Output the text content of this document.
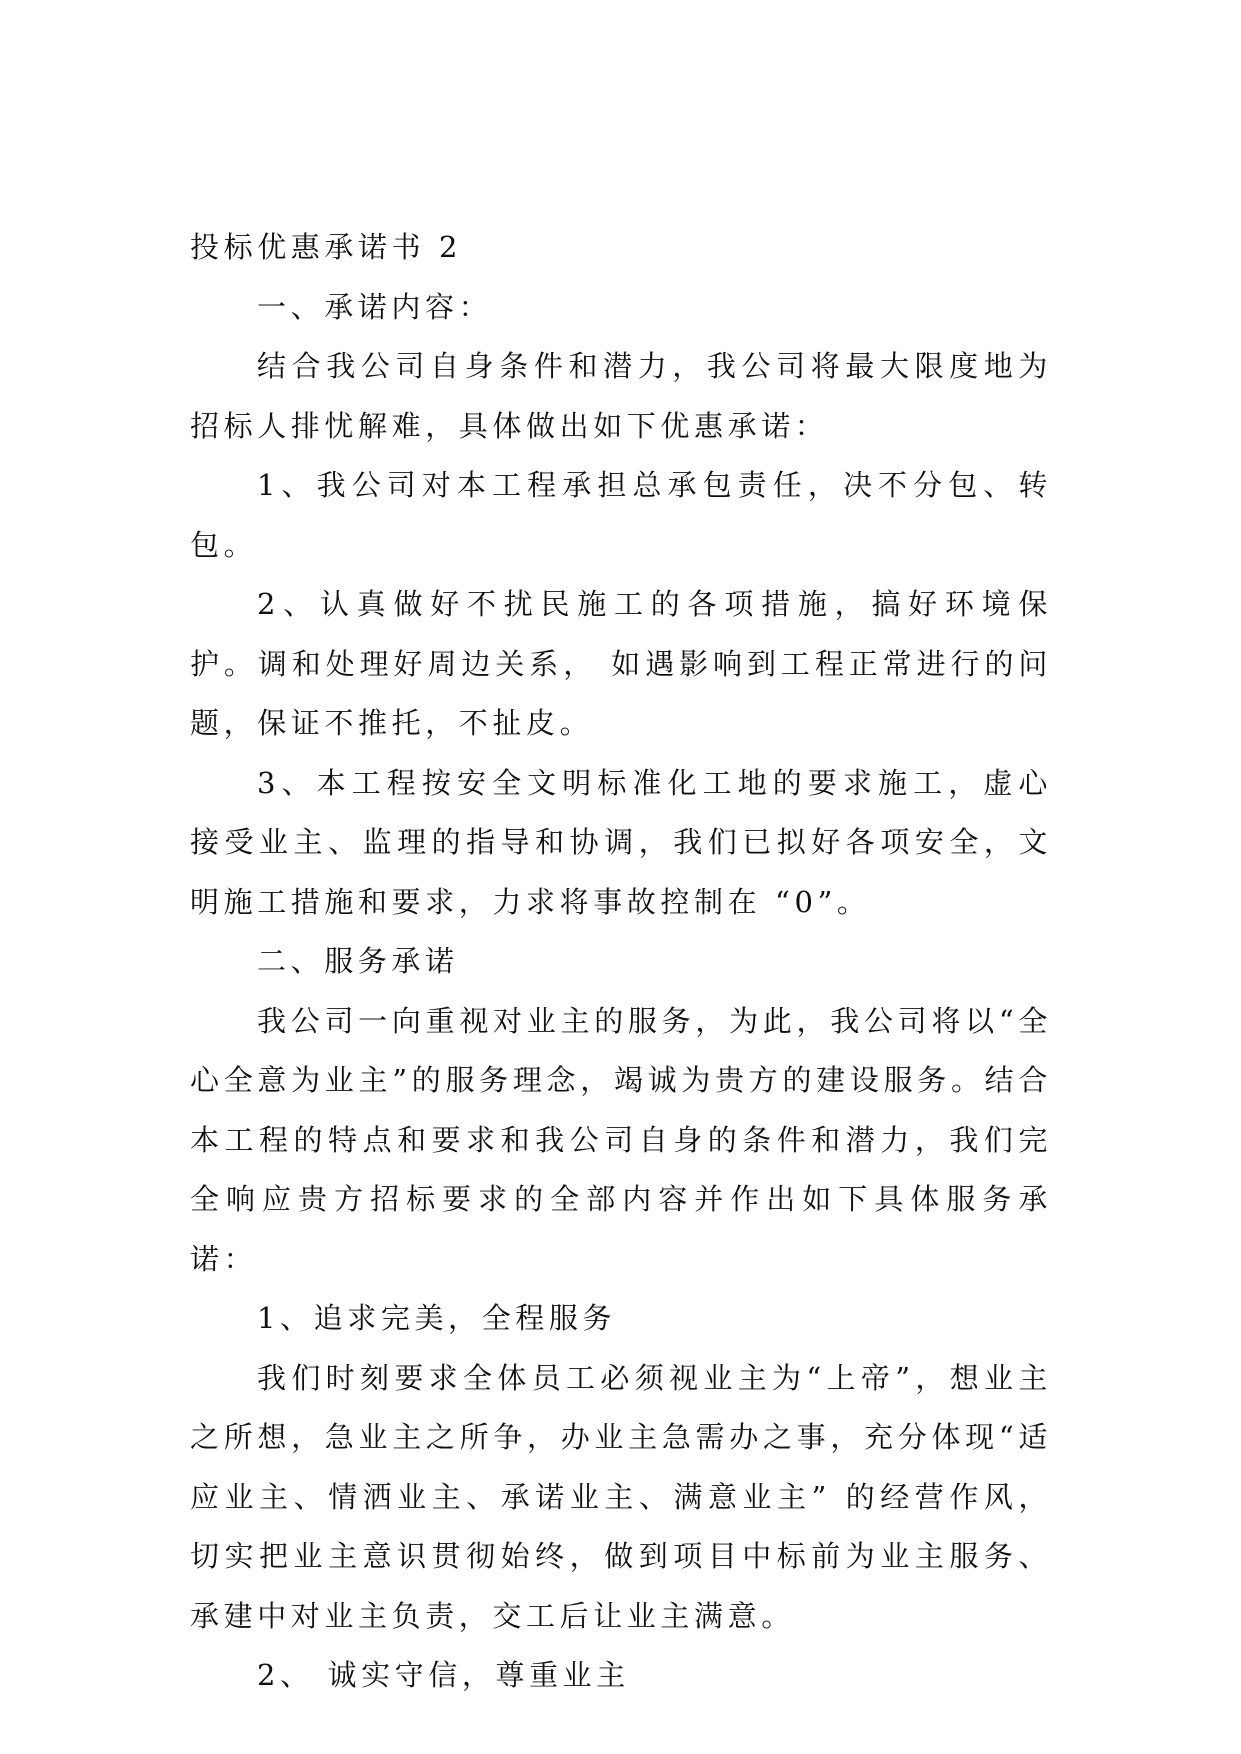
投标优惠承诺书 2

一、承诺内容：

结合我公司自身条件和潜力，我公司将最大限度地为招标人排忧解难，具体做出如下优惠承诺：

1、我公司对本工程承担总承包责任，决不分包、转包。

2、认真做好不扰民施工的各项措施，搞好环境保护。调和处理好周边关系， 如遇影响到工程正常进行的问题，保证不推托，不扯皮。

3、本工程按安全文明标准化工地的要求施工，虚心接受业主、监理的指导和协调，我们已拟好各项安全，文明施工措施和要求，力求将事故控制在 “0”。

二、服务承诺

我公司一向重视对业主的服务，为此，我公司将以“全心全意为业主”的服务理念，竭诚为贵方的建设服务。结合本工程的特点和要求和我公司自身的条件和潜力，我们完全响应贵方招标要求的全部内容并作出如下具体服务承诺：

1、追求完美，全程服务

我们时刻要求全体员工必须视业主为“上帝”，想业主之所想，急业主之所争，办业主急需办之事，充分体现“适应业主、情洒业主、承诺业主、满意业主” 的经营作风，切实把业主意识贯彻始终，做到项目中标前为业主服务、承建中对业主负责，交工后让业主满意。

2、 诚实守信，尊重业主
